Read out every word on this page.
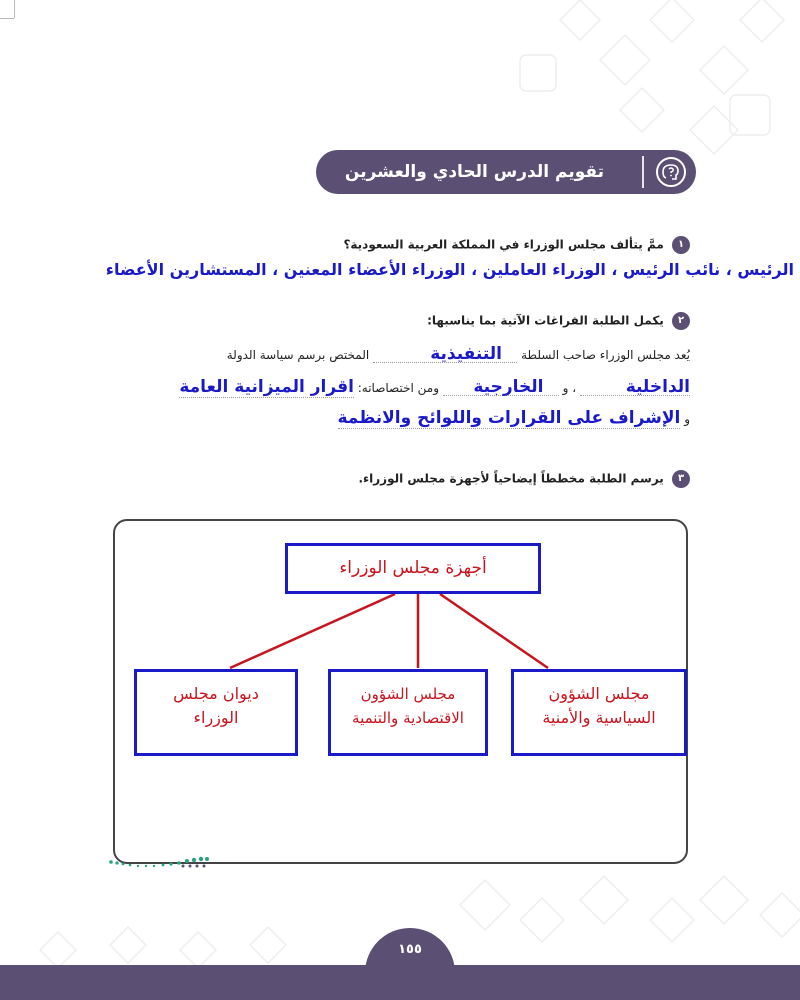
تقويم الدرس الحادي والعشرين
١ ممَّ يتألف مجلس الوزراء في المملكة العربية السعودية؟
الرئيس ، نائب الرئيس ، الوزراء العاملين ، الوزراء الأعضاء المعنين ، المستشارين الأعضاء
٢ يكمل الطلبة الفراغات الآتية بما يناسبها:
يُعد مجلس الوزراء صاحب السلطة     التنفيذية                المختص برسم سياسة الدولة
الداخلية             ، و     الخارجية         ومن اختصاصاته: اقرار الميزانية العامة
و الإشراف على القرارات واللوائح والانظمة
٣ يرسم الطلبة مخططاً إيضاحياً لأجهزة مجلس الوزراء.
أجهزة مجلس الوزراء
مجلس الشؤون
السياسية والأمنية
مجلس الشؤون
الاقتصادية والتنمية
ديوان مجلس
الوزراء
١٥٥
